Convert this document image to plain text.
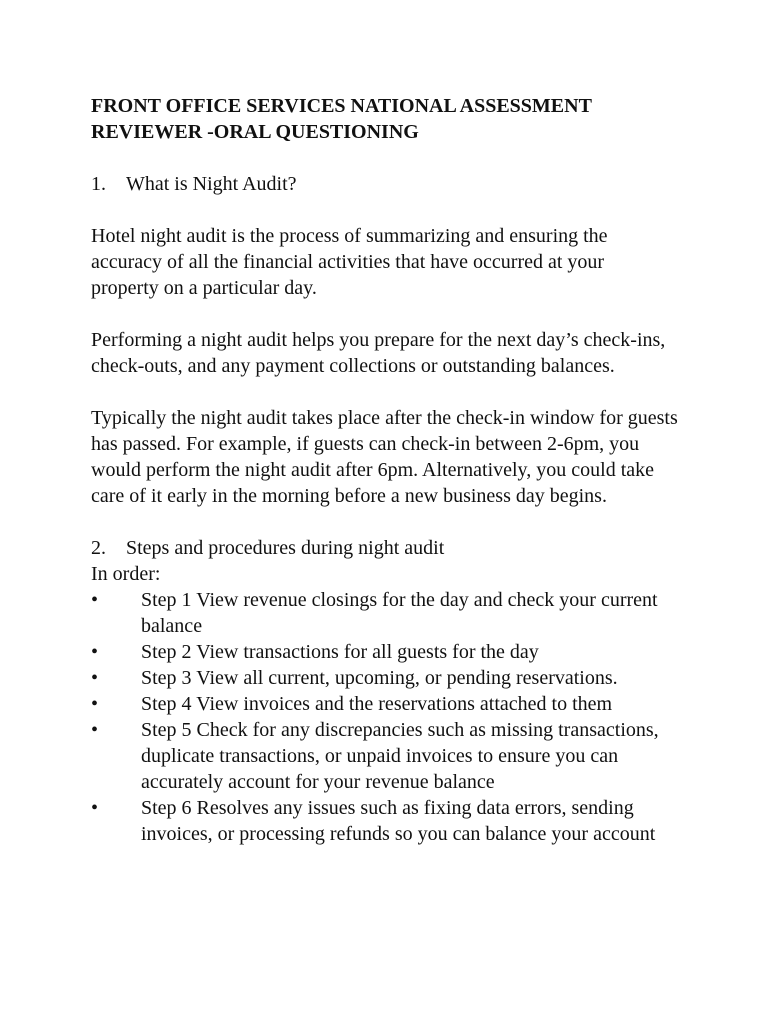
FRONT OFFICE SERVICES NATIONAL ASSESSMENT
REVIEWER -ORAL QUESTIONING
1.	What is Night Audit?

Hotel night audit is the process of summarizing and ensuring the accuracy of all the financial activities that have occurred at your property on a particular day.

Performing a night audit helps you prepare for the next day’s check-ins, check-outs, and any payment collections or outstanding balances.

Typically the night audit takes place after the check-in window for guests has passed. For example, if guests can check-in between 2-6pm, you would perform the night audit after 6pm. Alternatively, you could take care of it early in the morning before a new business day begins.

2.	Steps and procedures during night audit

In order:

• Step 1 View revenue closings for the day and check your current balance
• Step 2 View transactions for all guests for the day
• Step 3 View all current, upcoming, or pending reservations.
• Step 4 View invoices and the reservations attached to them
• Step 5 Check for any discrepancies such as missing transactions, duplicate transactions, or unpaid invoices to ensure you can accurately account for your revenue balance
• Step 6 Resolves any issues such as fixing data errors, sending invoices, or processing refunds so you can balance your account
